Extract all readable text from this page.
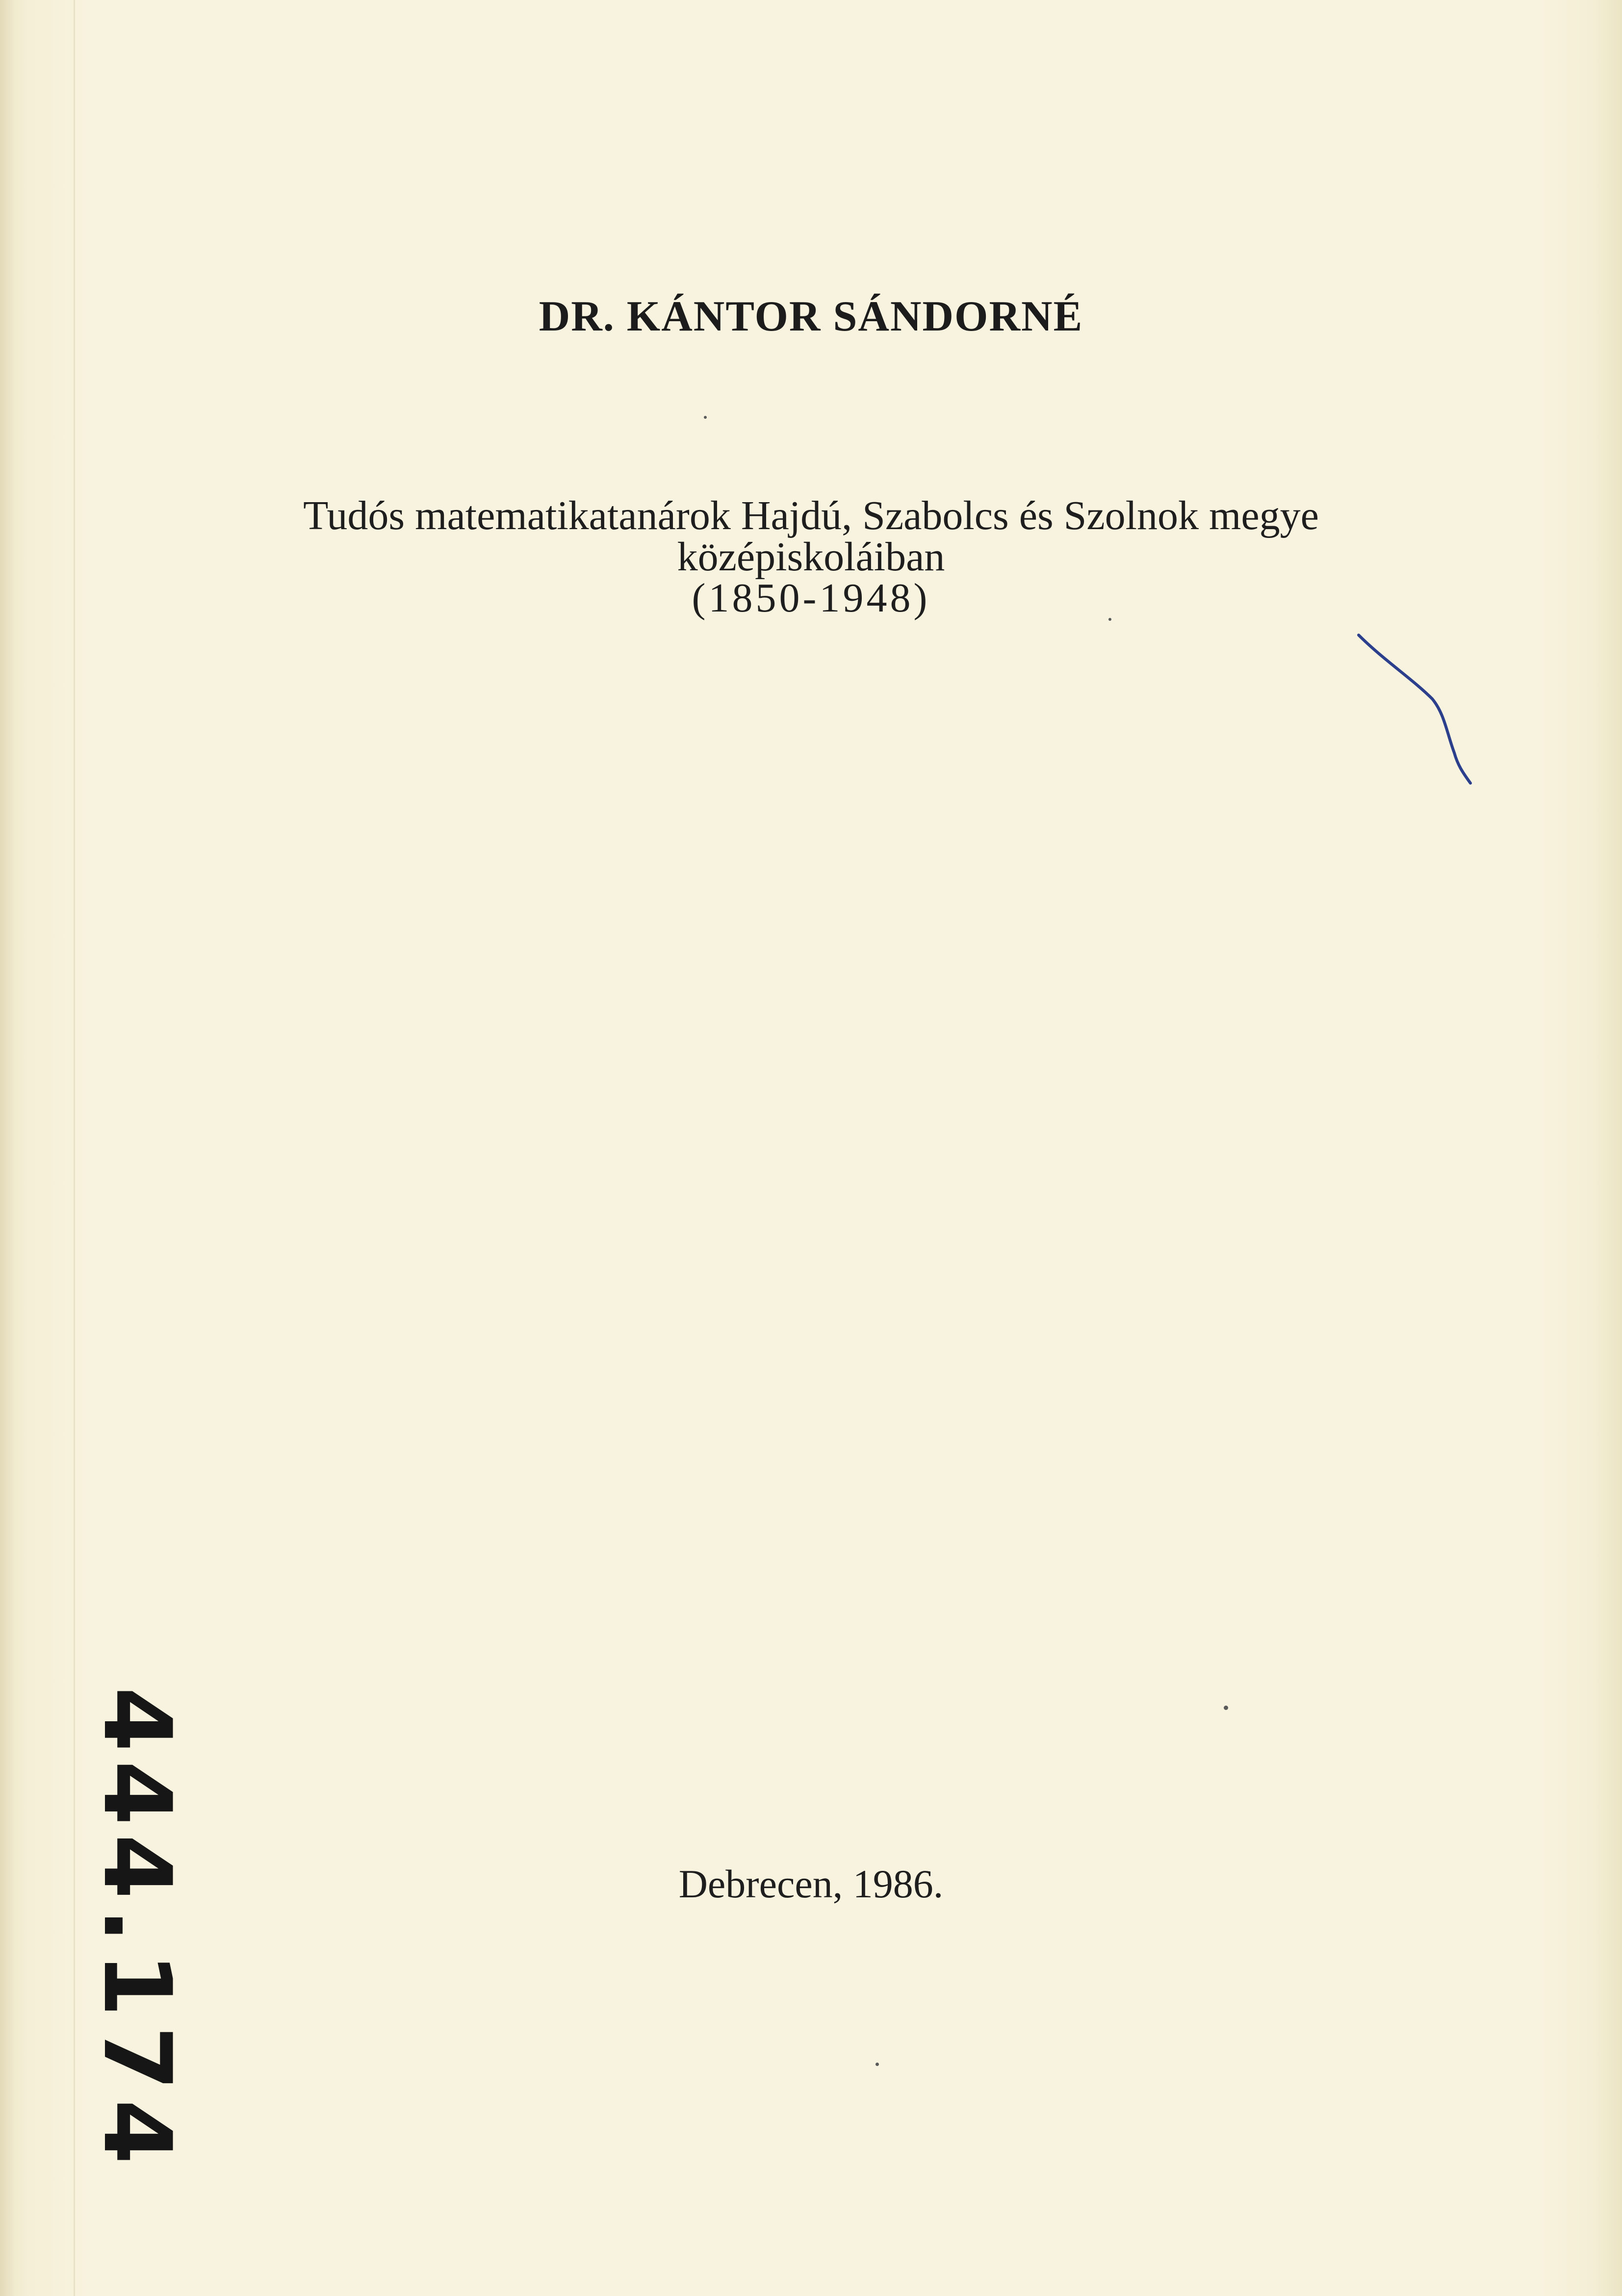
DR. KÁNTOR SÁNDORNÉ
Tudós matematikatanárok Hajdú, Szabolcs és Szolnok megye
középiskoláiban
(1850-1948)
444.174	Debrecen, 1986.
